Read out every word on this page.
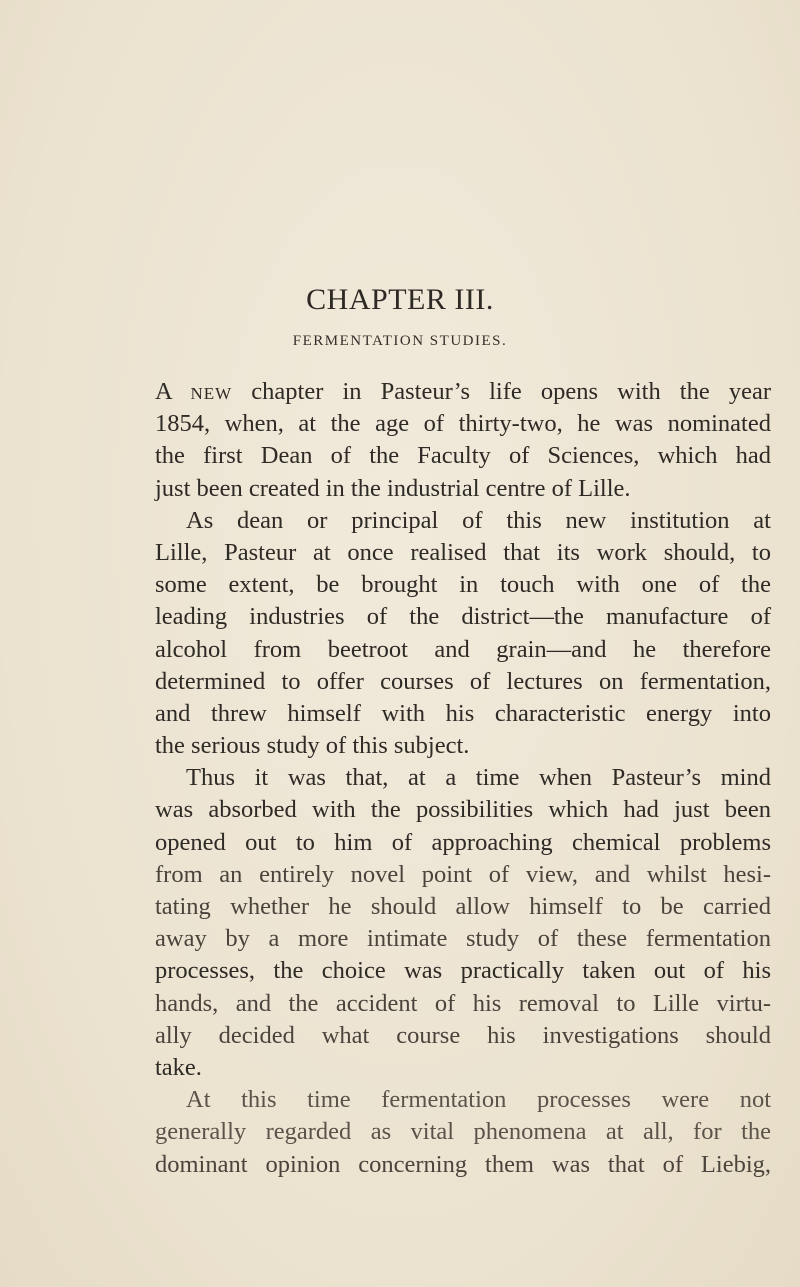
CHAPTER III.
FERMENTATION STUDIES.
A new chapter in Pasteur’s life opens with the year
1854, when, at the age of thirty-two, he was nominated
the first Dean of the Faculty of Sciences, which had
just been created in the industrial centre of Lille.
As dean or principal of this new institution at
Lille, Pasteur at once realised that its work should, to
some extent, be brought in touch with one of the
leading industries of the district—the manufacture of
alcohol from beetroot and grain—and he therefore
determined to offer courses of lectures on fermentation,
and threw himself with his characteristic energy into
the serious study of this subject.
Thus it was that, at a time when Pasteur’s mind
was absorbed with the possibilities which had just been
opened out to him of approaching chemical problems
from an entirely novel point of view, and whilst hesi-
tating whether he should allow himself to be carried
away by a more intimate study of these fermentation
processes, the choice was practically taken out of his
hands, and the accident of his removal to Lille virtu-
ally decided what course his investigations should
take.
At this time fermentation processes were not
generally regarded as vital phenomena at all, for the
dominant opinion concerning them was that of Liebig,
